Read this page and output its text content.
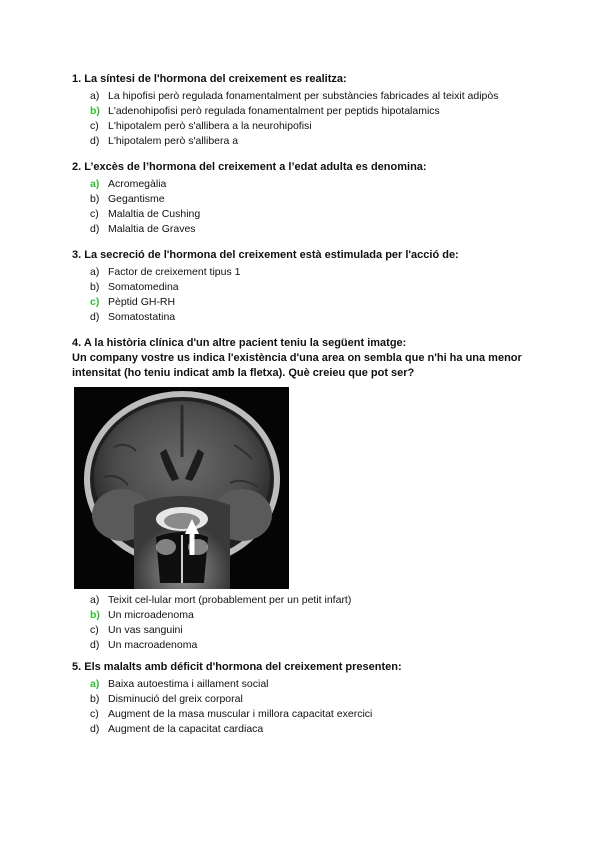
1. La síntesi de l'hormona del creixement es realitza:

a) La hipofisi però regulada fonamentalment per substàncies fabricades al teixit adipòs
b) L'adenohipofisi però regulada fonamentalment per peptids hipotalamics
c) L'hipotalem però s'allibera a la neurohipofisi
d) L'hipotalem però s'allibera a

2. L’excès de l’hormona del creixement a l’edat adulta es denomina:

a) Acromegàlia
b) Gegantisme
c) Malaltia de Cushing
d) Malaltia de Graves

3. La secreció de l'hormona del creixement està estimulada per l'acció de:

a) Factor de creixement tipus 1
b) Somatomedina
c) Pèptid GH-RH
d) Somatostatina

4. A la història clínica d'un altre pacient teniu la següent imatge:

Un company vostre us indica l'existència d'una area on sembla que n'hi ha una menor intensitat (ho teniu indicat amb la fletxa). Què creieu que pot ser?

a) Teixit cel-lular mort (probablement per un petit infart)
b) Un microadenoma
c) Un vas sanguini
d) Un macroadenoma

5. Els malalts amb déficit d'hormona del creixement presenten:

a) Baixa autoestima i aillament social
b) Disminució del greix corporal
c) Augment de la masa muscular i millora capacitat exercici
d) Augment de la capacitat cardiaca
